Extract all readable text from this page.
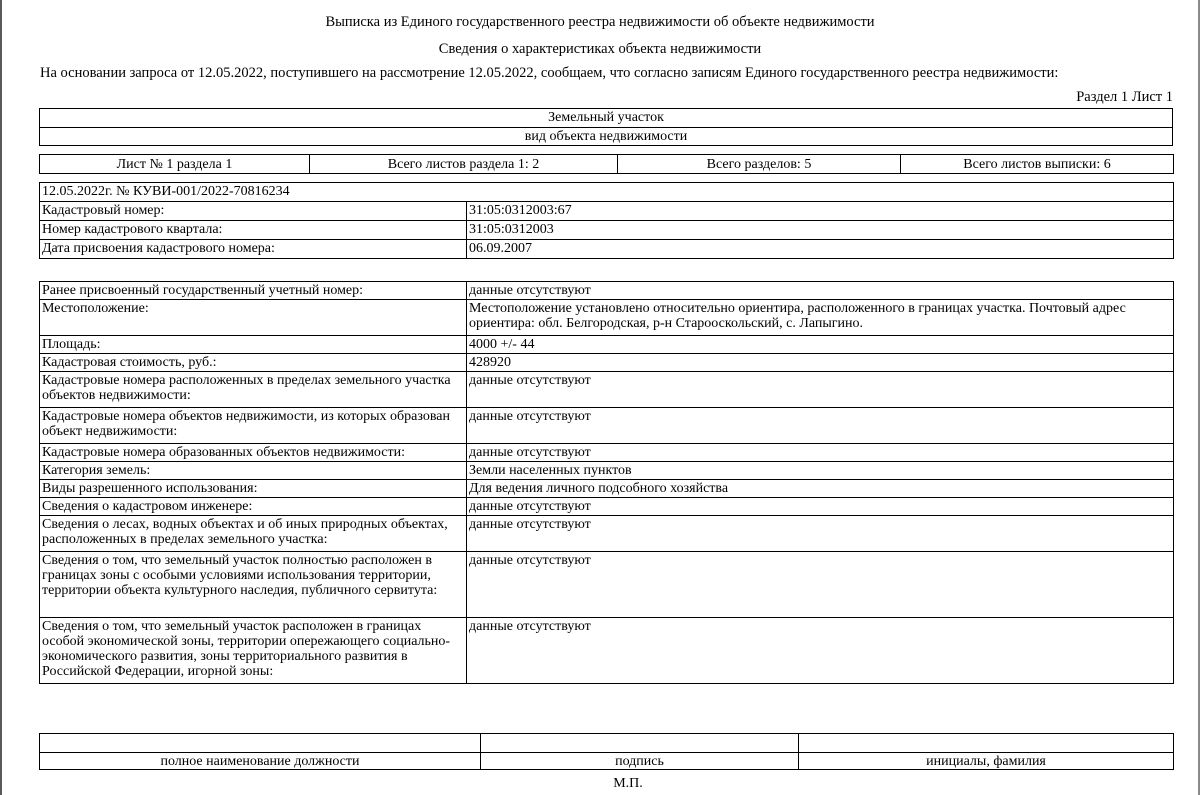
Выписка из Единого государственного реестра недвижимости об объекте недвижимости
Сведения о характеристиках объекта недвижимости
На основании запроса от 12.05.2022, поступившего на рассмотрение 12.05.2022, сообщаем, что согласно записям Единого государственного реестра недвижимости:
Раздел 1 Лист 1
Земельный участок
вид объекта недвижимости
Лист № 1 раздела 1	Всего листов раздела 1: 2	Всего разделов: 5	Всего листов выписки: 6
12.05.2022г. № КУВИ-001/2022-70816234	
Кадастровый номер:	31:05:0312003:67
Номер кадастрового квартала:	31:05:0312003
Дата присвоения кадастрового номера:	06.09.2007
Ранее присвоенный государственный учетный номер:	данные отсутствуют
Местоположение:	Местоположение установлено относительно ориентира, расположенного в границах участка. Почтовый адрес ориентира: обл. Белгородская, р-н Старооскольский, с. Лапыгино.
Площадь:	4000 +/- 44
Кадастровая стоимость, руб.:	428920
Кадастровые номера расположенных в пределах земельного участка объектов недвижимости:	данные отсутствуют
Кадастровые номера объектов недвижимости, из которых образован объект недвижимости:	данные отсутствуют
Кадастровые номера образованных объектов недвижимости:	данные отсутствуют
Категория земель:	Земли населенных пунктов
Виды разрешенного использования:	Для ведения личного подсобного хозяйства
Сведения о кадастровом инженере:	данные отсутствуют
Сведения о лесах, водных объектах и об иных природных объектах, расположенных в пределах земельного участка:	данные отсутствуют
Сведения о том, что земельный участок полностью расположен в границах зоны с особыми условиями использования территории, территории объекта культурного наследия, публичного сервитута:	данные отсутствуют
Сведения о том, что земельный участок расположен в границах особой экономической зоны, территории опережающего социально-экономического развития, зоны территориального развития в Российской Федерации, игорной зоны:	данные отсутствуют

полное наименование должности	подпись	инициалы, фамилия
М.П.
